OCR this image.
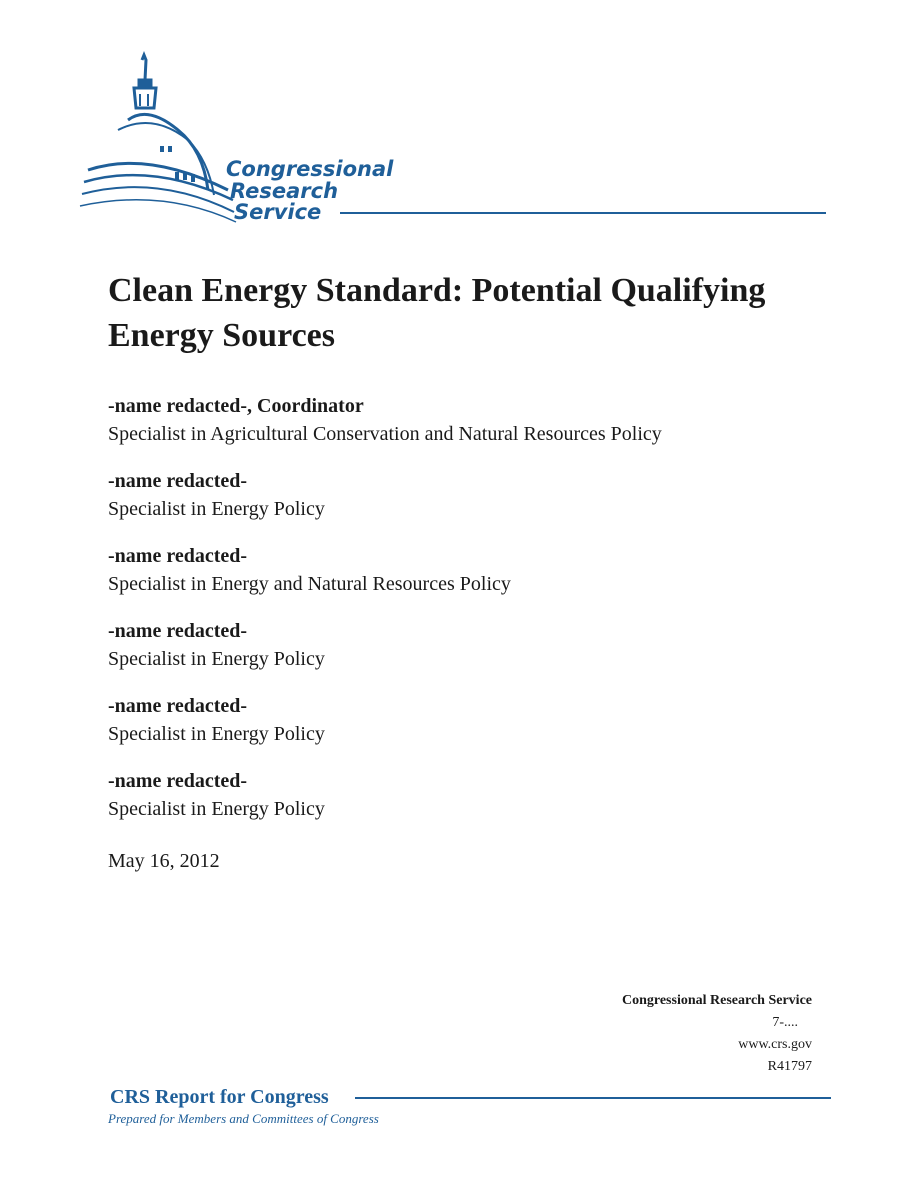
Congressional
Research
Service
Clean Energy Standard: Potential Qualifying Energy Sources
-name redacted-, Coordinator
Specialist in Agricultural Conservation and Natural Resources Policy
-name redacted-
Specialist in Energy Policy
-name redacted-
Specialist in Energy and Natural Resources Policy
-name redacted-
Specialist in Energy Policy
-name redacted-
Specialist in Energy Policy
-name redacted-
Specialist in Energy Policy
May 16, 2012
Congressional Research Service
7-....
www.crs.gov
R41797
CRS Report for Congress
Prepared for Members and Committees of Congress
